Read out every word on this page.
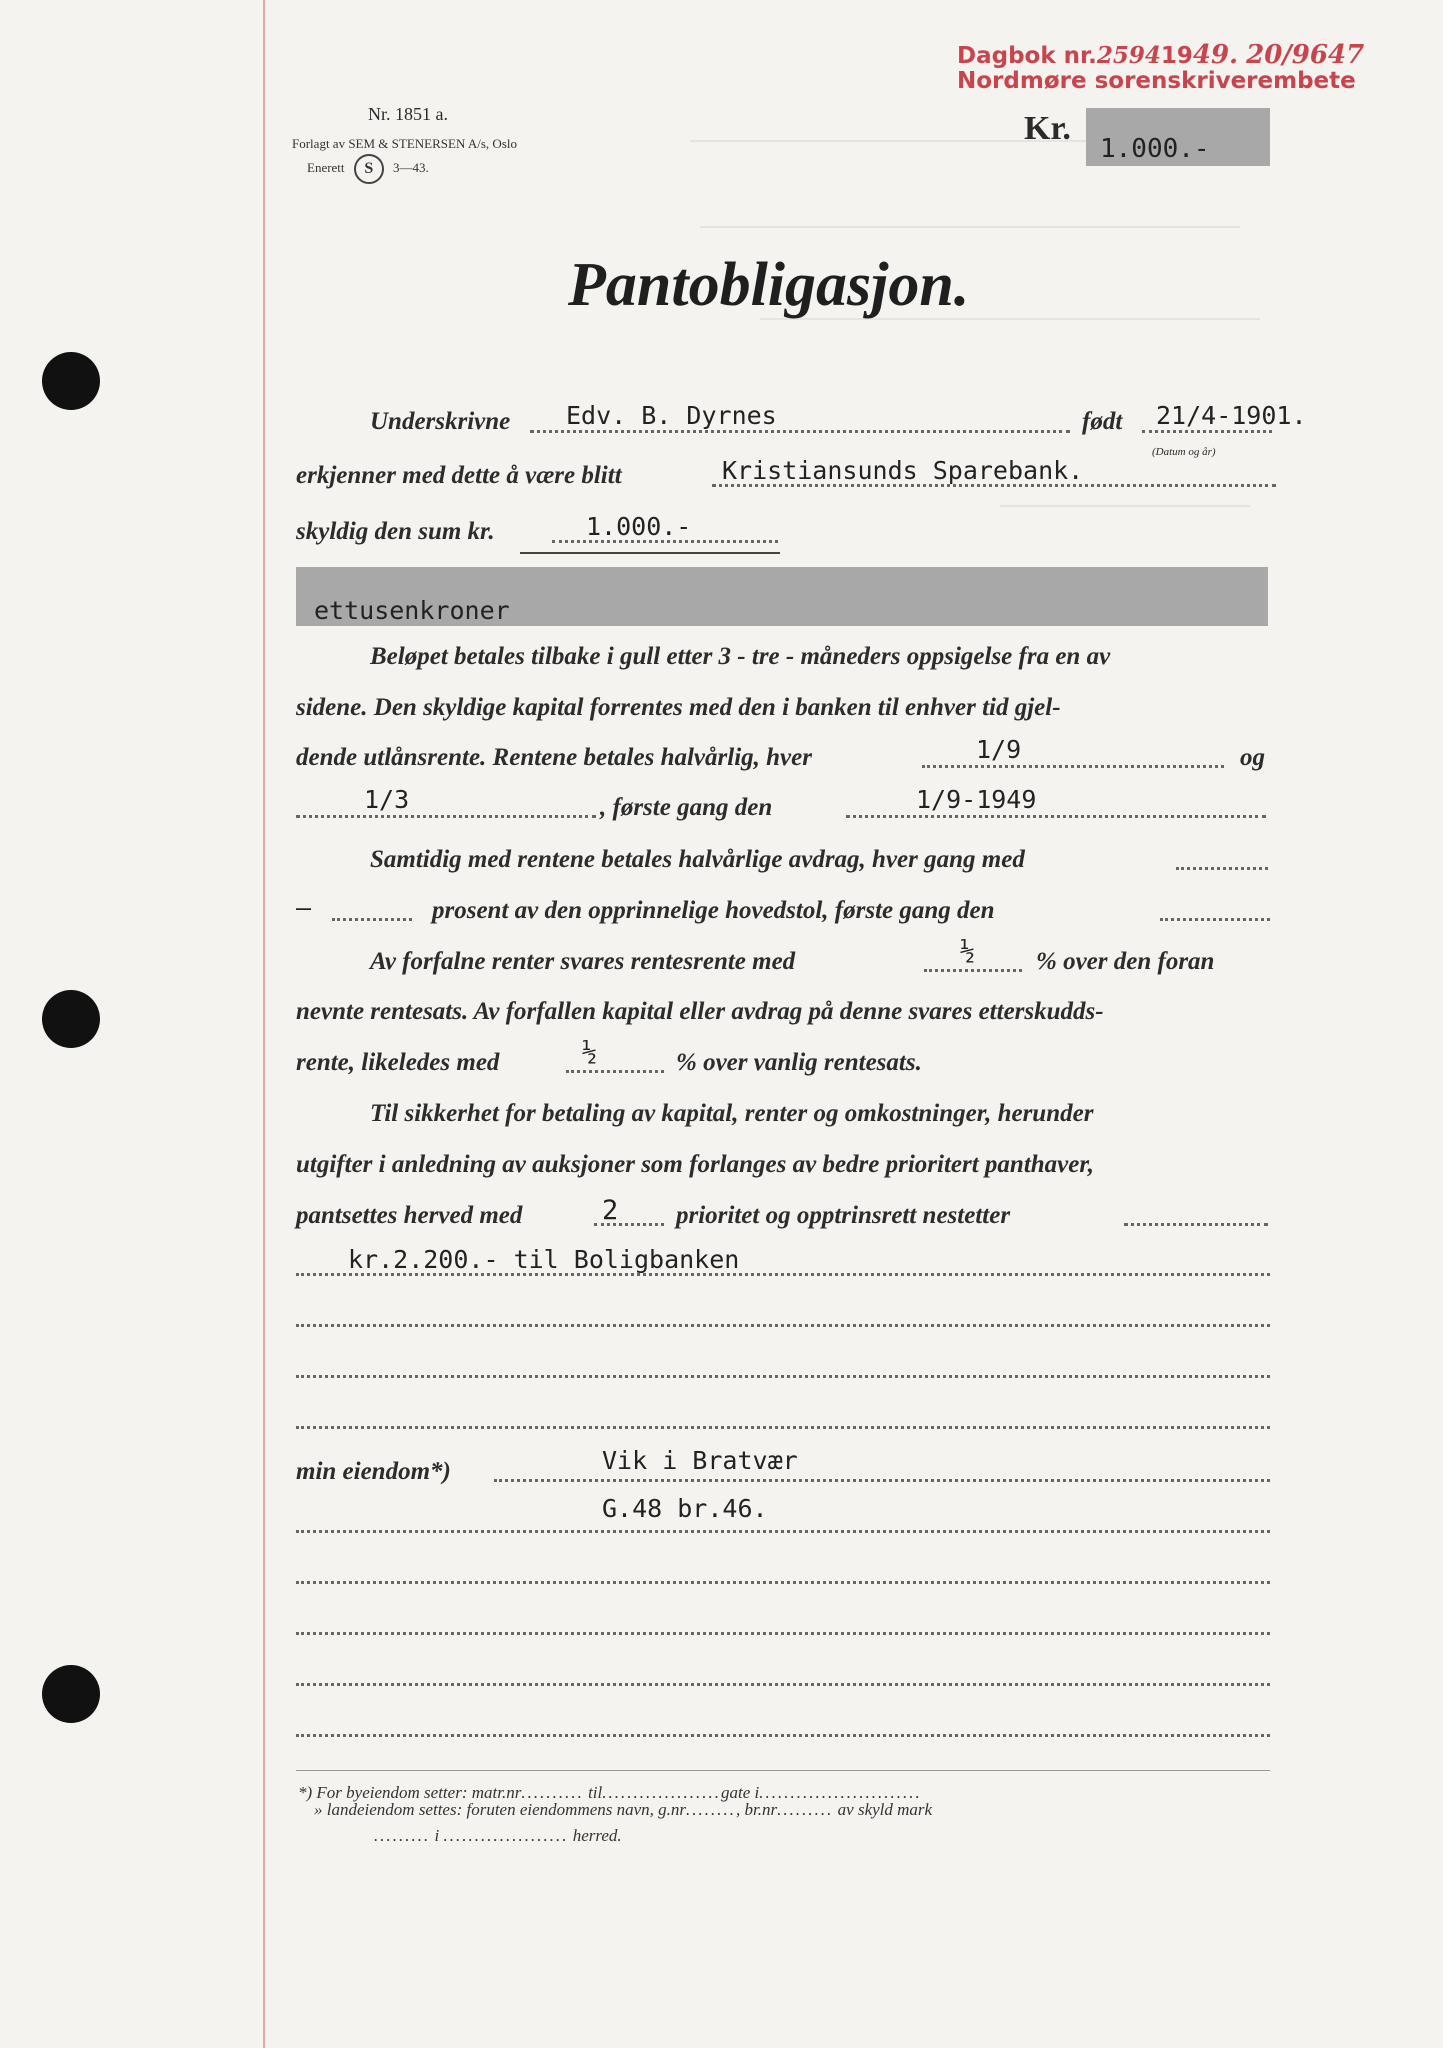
Dagbok nr.25941949. 20/9647
Nordmøre sorenskriverembete
Nr. 1851 a.
Forlagt av SEM & STENERSEN A/s, Oslo
Enerett S 3—43.
Kr.
1.000.-
Pantobligasjon.
Underskrivne Edv. B. Dyrnes	født 21/4-1901.
(Datum og år)
erkjenner med dette å være blitt	Kristiansunds Sparebank.
skyldig den sum kr.	1.000.-
ettusenkroner
Beløpet betales tilbake i gull etter 3 - tre - måneders oppsigelse fra en av
sidene. Den skyldige kapital forrentes med den i banken til enhver tid gjel-
dende utlånsrente. Rentene betales halvårlig, hver	1/9	og
1/3	, første gang den	1/9-1949
Samtidig med rentene betales halvårlige avdrag, hver gang med
—	prosent av den opprinnelige hovedstol, første gang den
Av forfalne renter svares rentesrente med	½ % over den foran
nevnte rentesats. Av forfallen kapital eller avdrag på denne svares etterskudds-
rente, likeledes med	½	% over vanlig rentesats.
Til sikkerhet for betaling av kapital, renter og omkostninger, herunder
utgifter i anledning av auksjoner som forlanges av bedre prioritert panthaver,
pantsettes herved med	2 prioritet og opptrinsrett nestetter
kr.2.200.- til Boligbanken
min eiendom*)	Vik i Bratvær
G.48 br.46.
*) For byeiendom setter: matr.nr.......... til...................gate i..........................
» landeiendom settes: foruten eiendommens navn, g.nr........, br.nr......... av skyld mark
......... i .................... herred.
